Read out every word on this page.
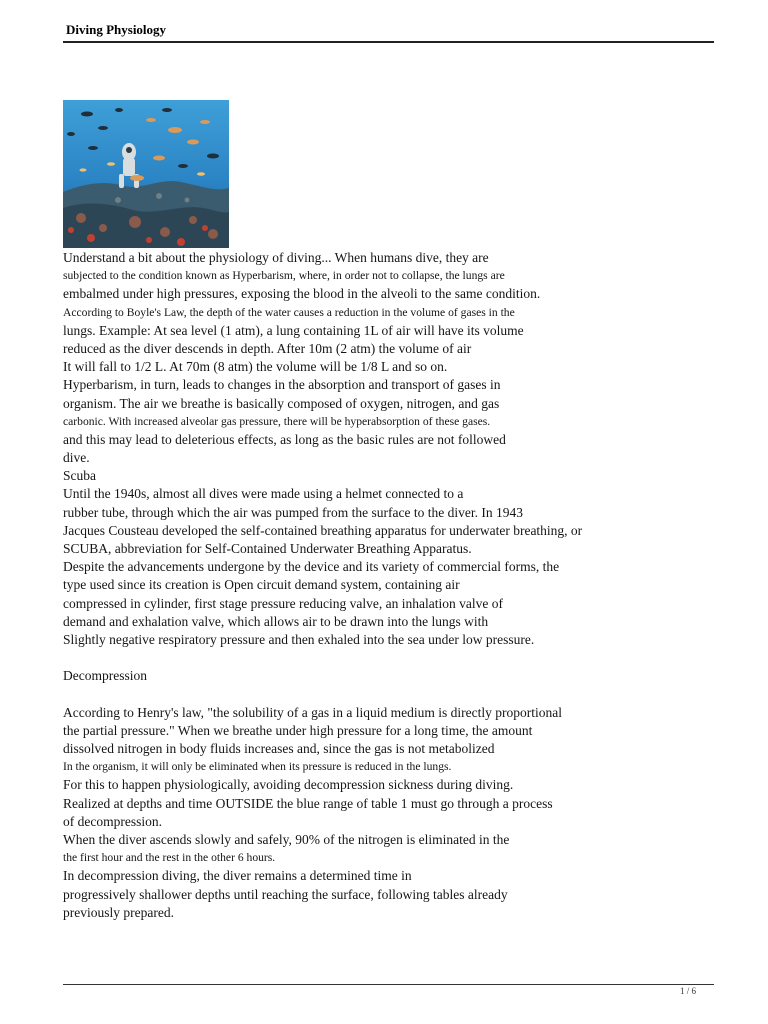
Diving Physiology
Understand a bit about the physiology of diving... When humans dive, they are
subjected to the condition known as Hyperbarism, where, in order not to collapse, the lungs are
embalmed under high pressures, exposing the blood in the alveoli to the same condition.
According to Boyle's Law, the depth of the water causes a reduction in the volume of gases in the
lungs. Example: At sea level (1 atm), a lung containing 1L of air will have its volume
reduced as the diver descends in depth. After 10m (2 atm) the volume of air
It will fall to 1/2 L. At 70m (8 atm) the volume will be 1/8 L and so on.
Hyperbarism, in turn, leads to changes in the absorption and transport of gases in
organism. The air we breathe is basically composed of oxygen, nitrogen, and gas
carbonic. With increased alveolar gas pressure, there will be hyperabsorption of these gases.
and this may lead to deleterious effects, as long as the basic rules are not followed
dive.
Scuba
Until the 1940s, almost all dives were made using a helmet connected to a
rubber tube, through which the air was pumped from the surface to the diver. In 1943
Jacques Cousteau developed the self-contained breathing apparatus for underwater breathing, or
SCUBA, abbreviation for Self-Contained Underwater Breathing Apparatus.
Despite the advancements undergone by the device and its variety of commercial forms, the
type used since its creation is Open circuit demand system, containing air
compressed in cylinder, first stage pressure reducing valve, an inhalation valve of
demand and exhalation valve, which allows air to be drawn into the lungs with
Slightly negative respiratory pressure and then exhaled into the sea under low pressure.
Decompression
According to Henry's law, "the solubility of a gas in a liquid medium is directly proportional
the partial pressure." When we breathe under high pressure for a long time, the amount
dissolved nitrogen in body fluids increases and, since the gas is not metabolized
In the organism, it will only be eliminated when its pressure is reduced in the lungs.
For this to happen physiologically, avoiding decompression sickness during diving.
Realized at depths and time OUTSIDE the blue range of table 1 must go through a process
of decompression.
When the diver ascends slowly and safely, 90% of the nitrogen is eliminated in the
the first hour and the rest in the other 6 hours.
In decompression diving, the diver remains a determined time in
progressively shallower depths until reaching the surface, following tables already
previously prepared.
1 / 6
